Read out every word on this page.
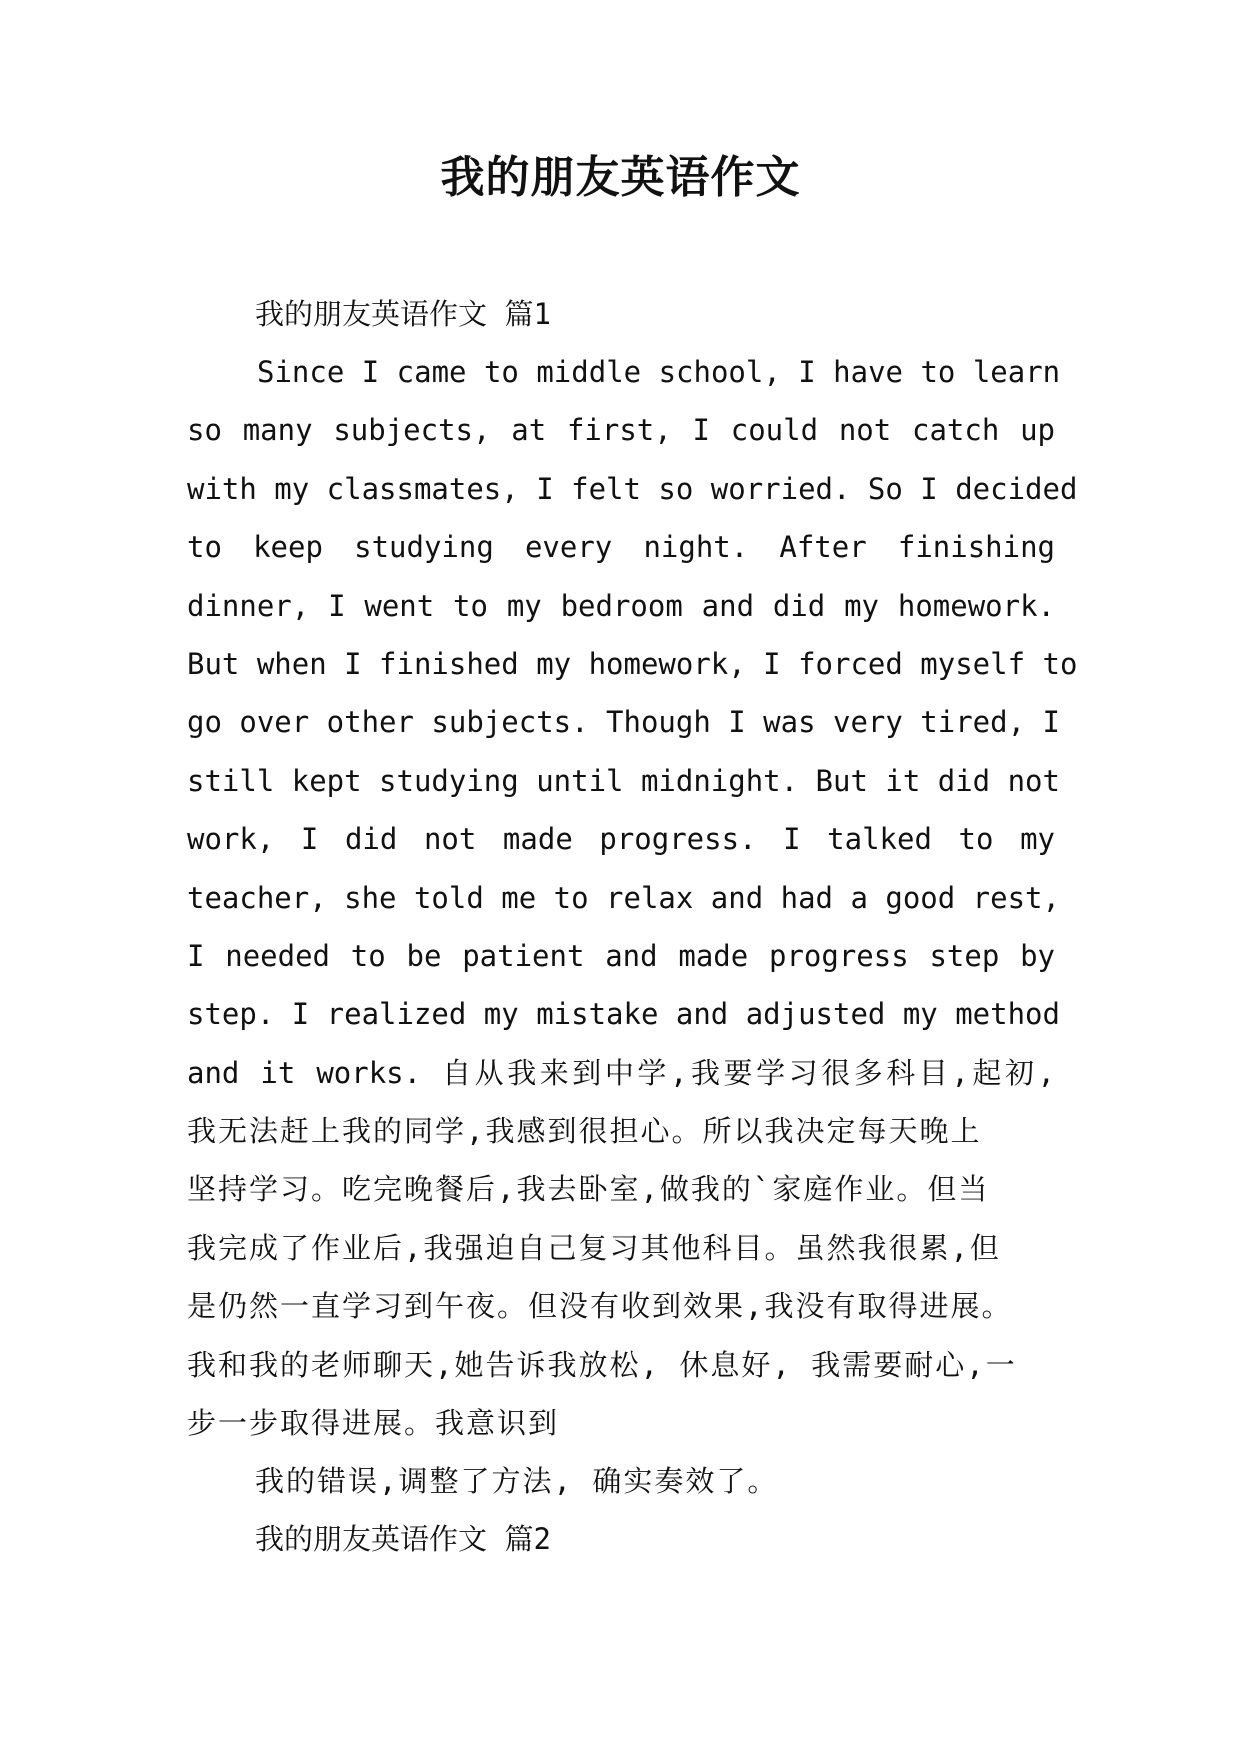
我的朋友英语作文
我的朋友英语作文 篇1
Since I came to middle school, I have to learn
so many subjects, at first, I could not catch up
with my classmates, I felt so worried. So I decided
to keep studying every night. After finishing
dinner, I went to my bedroom and did my homework.
But when I finished my homework, I forced myself to
go over other subjects. Though I was very tired, I
still kept studying until midnight. But it did not
work, I did not made progress. I talked to my
teacher, she told me to relax and had a good rest,
I needed to be patient and made progress step by
step. I realized my mistake and adjusted my method
and it works. 自从我来到中学,我要学习很多科目,起初,
我无法赶上我的同学,我感到很担心。所以我决定每天晚上
坚持学习。吃完晚餐后,我去卧室,做我的`家庭作业。但当
我完成了作业后,我强迫自己复习其他科目。虽然我很累,但
是仍然一直学习到午夜。但没有收到效果,我没有取得进展。
我和我的老师聊天,她告诉我放松, 休息好, 我需要耐心,一
步一步取得进展。我意识到
我的错误,调整了方法, 确实奏效了。
我的朋友英语作文 篇2
